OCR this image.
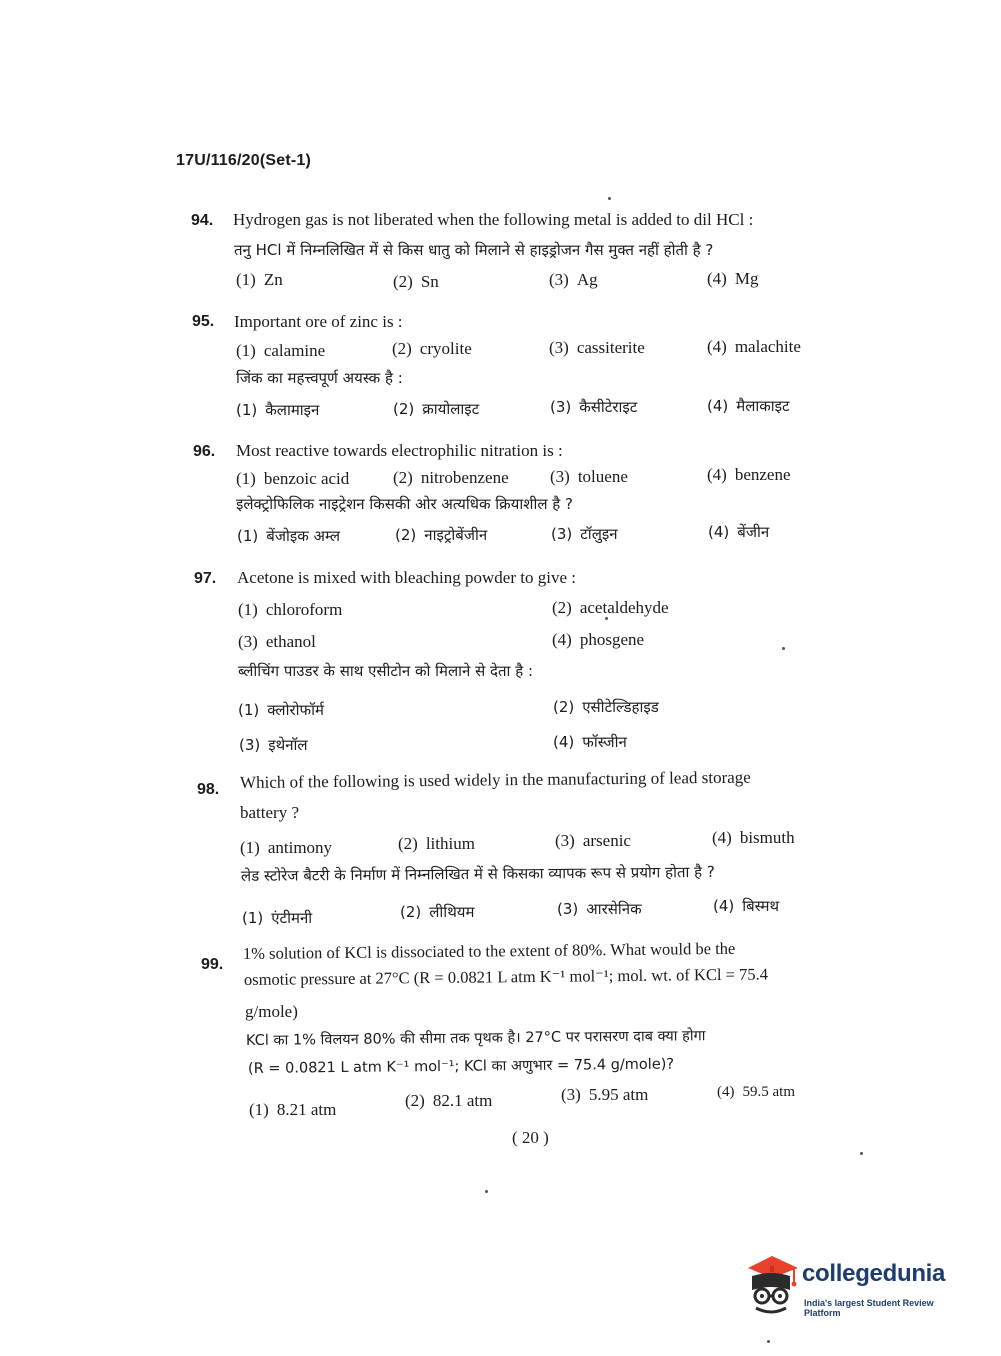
17U/116/20(Set-1)
94. Hydrogen gas is not liberated when the following metal is added to dil HCl :
तनु HCl में निम्नलिखित में से किस धातु को मिलाने से हाइड्रोजन गैस मुक्त नहीं होती है ?
(1) Zn	(2) Sn	(3) Ag	(4) Mg
95. Important ore of zinc is :
(1) calamine	(2) cryolite	(3) cassiterite	(4) malachite
जिंक का महत्त्वपूर्ण अयस्क है :
(1) कैलामाइन	(2) क्रायोलाइट	(3) कैसीटेराइट	(4) मैलाकाइट
96. Most reactive towards electrophilic nitration is :
(1) benzoic acid	(2) nitrobenzene (3) toluene	(4) benzene
इलेक्ट्रोफिलिक नाइट्रेशन किसकी ओर अत्यधिक क्रियाशील है ?
(1) बेंजोइक अम्ल	(2) नाइट्रोबेंजीन	(3) टॉलुइन	(4) बेंजीन
97. Acetone is mixed with bleaching powder to give :
(1) chloroform	(2) acetaldehyde
(3) ethanol	(4) phosgene
ब्लीचिंग पाउडर के साथ एसीटोन को मिलाने से देता है :
(1) क्लोरोफॉर्म	(2) एसीटेल्डिहाइड
(3) इथेनॉल	(4) फॉस्जीन
98. Which of the following is used widely in the manufacturing of lead storage
battery ?
(1) antimony	(2) lithium	(3) arsenic	(4) bismuth
लेड स्टोरेज बैटरी के निर्माण में निम्नलिखित में से किसका व्यापक रूप से प्रयोग होता है ?
(1) एंटीमनी	(2) लीथियम	(3) आरसेनिक	(4) बिस्मथ
99.
1% solution of KCl is dissociated to the extent of 80%. What would be the
osmotic pressure at 27°C (R = 0.0821 L atm K⁻¹ mol⁻¹; mol. wt. of KCl = 75.4
g/mole)
KCl का 1% विलयन 80% की सीमा तक पृथक है। 27°C पर परासरण दाब क्या होगा
(R = 0.0821 L atm K⁻¹ mol⁻¹; KCl का अणुभार = 75.4 g/mole)?
(1) 8.21 atm	(2) 82.1 atm	(3) 5.95 atm	(4) 59.5 atm
( 20 )
collegedunia
India's largest Student Review Platform
